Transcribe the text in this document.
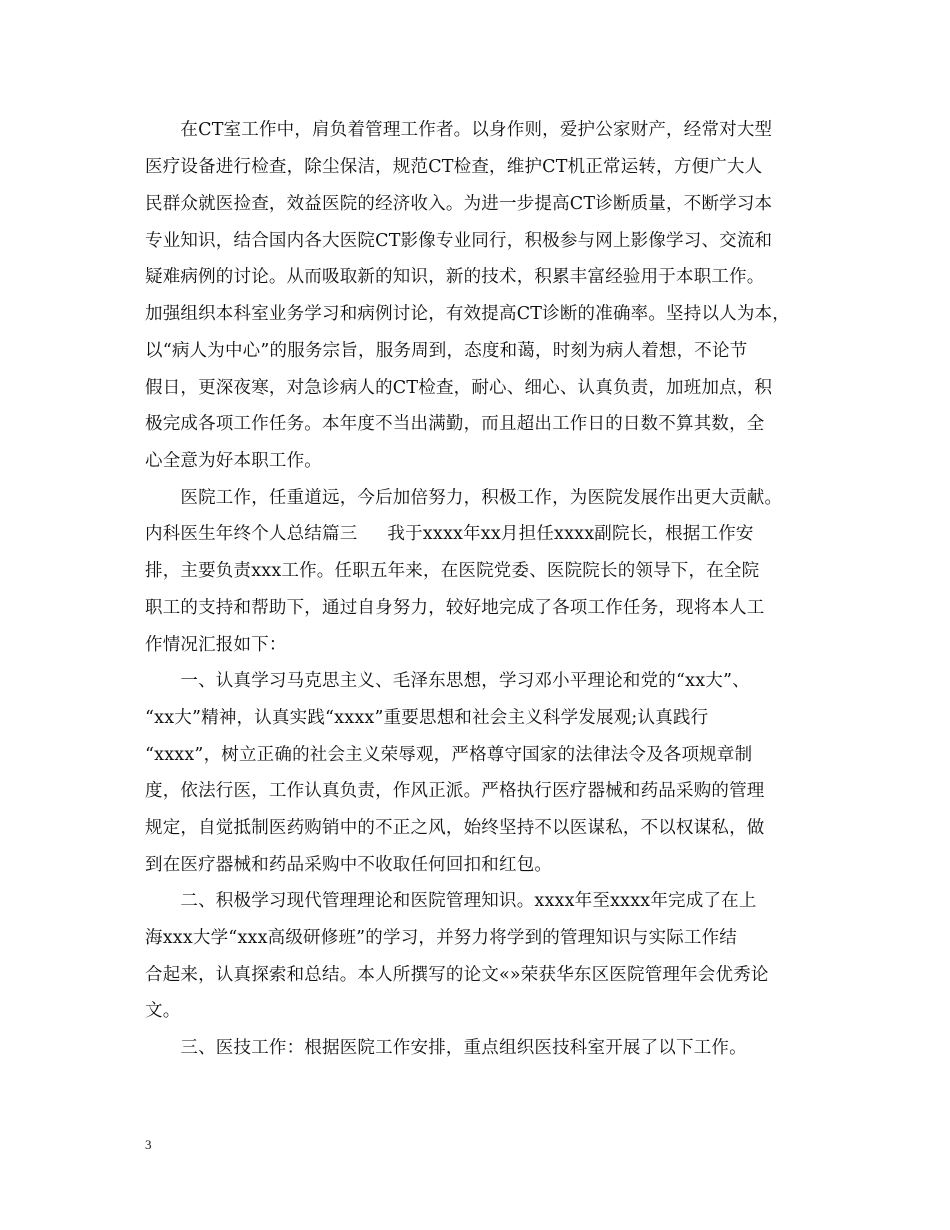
　　在CT室工作中，肩负着管理工作者。以身作则，爱护公家财产，经常对大型
医疗设备进行检查，除尘保洁，规范CT检查，维护CT机正常运转，方便广大人
民群众就医捡查，效益医院的经济收入。为进一步提高CT诊断质量，不断学习本
专业知识，结合国内各大医院CT影像专业同行，积极参与网上影像学习、交流和
疑难病例的讨论。从而吸取新的知识，新的技术，积累丰富经验用于本职工作。
加强组织本科室业务学习和病例讨论，有效提高CT诊断的准确率。坚持以人为本，
以“病人为中心”的服务宗旨，服务周到，态度和蔼，时刻为病人着想，不论节
假日，更深夜寒，对急诊病人的CT检查，耐心、细心、认真负责，加班加点，积
极完成各项工作任务。本年度不当出满勤，而且超出工作日的日数不算其数，全
心全意为好本职工作。
　　医院工作，任重道远，今后加倍努力，积极工作，为医院发展作出更大贡献。
内科医生年终个人总结篇三 我于xxxx年xx月担任xxxx副院长，根据工作安
排，主要负责xxx工作。任职五年来，在医院党委、医院院长的领导下，在全院
职工的支持和帮助下，通过自身努力，较好地完成了各项工作任务，现将本人工
作情况汇报如下：
　　一、认真学习马克思主义、毛泽东思想，学习邓小平理论和党的“xx大”、
“xx大”精神，认真实践“xxxx”重要思想和社会主义科学发展观;认真践行
“xxxx”，树立正确的社会主义荣辱观，严格尊守国家的法律法令及各项规章制
度，依法行医，工作认真负责，作风正派。严格执行医疗器械和药品采购的管理
规定，自觉抵制医药购销中的不正之风，始终坚持不以医谋私，不以权谋私，做
到在医疗器械和药品采购中不收取任何回扣和红包。
　　二、积极学习现代管理理论和医院管理知识。xxxx年至xxxx年完成了在上
海xxx大学“xxx高级研修班”的学习，并努力将学到的管理知识与实际工作结
合起来，认真探索和总结。本人所撰写的论文«»荣获华东区医院管理年会优秀论
文。
　　三、医技工作：根据医院工作安排，重点组织医技科室开展了以下工作。
3
